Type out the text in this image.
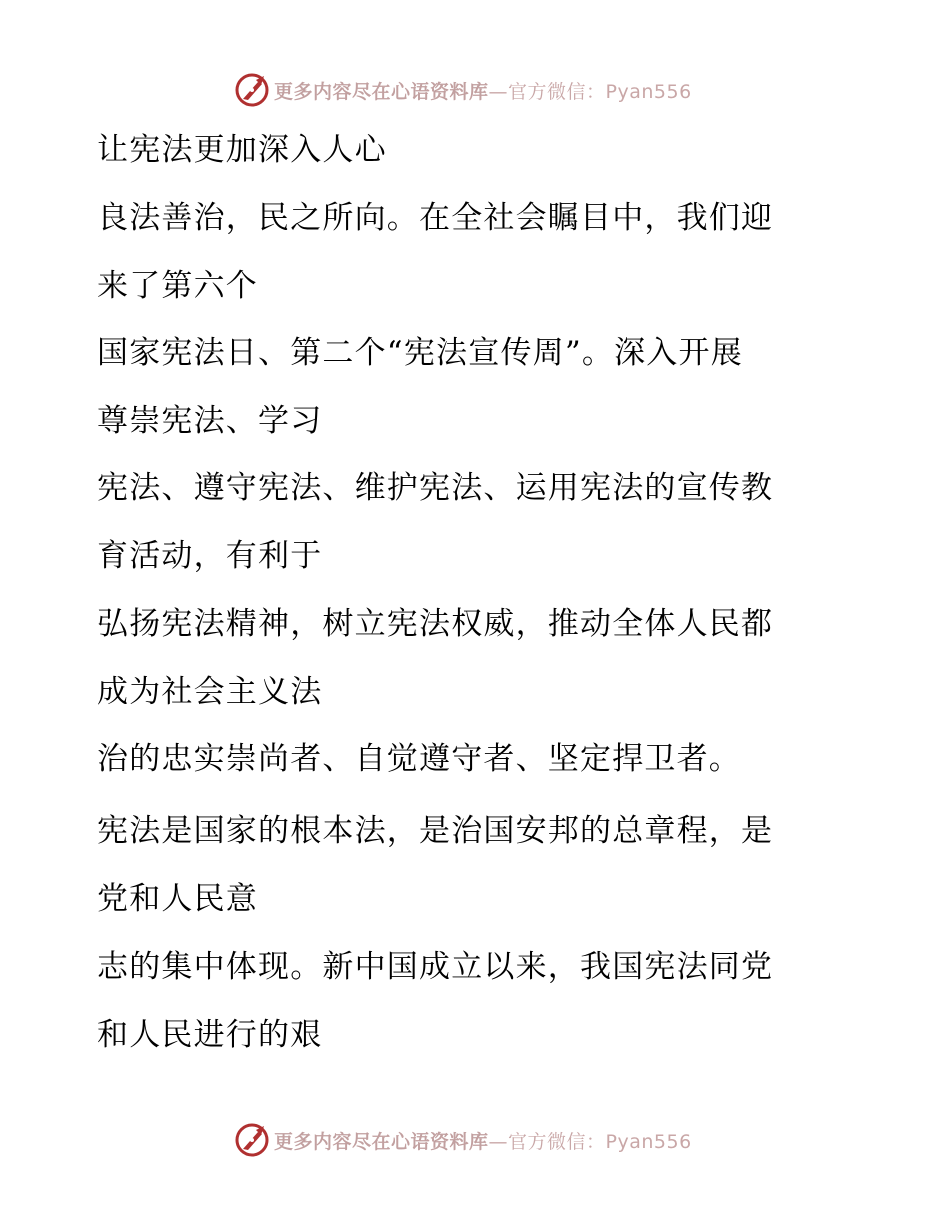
更多内容尽在心语资料库—官方微信：Pyan556
让宪法更加深入人心
良法善治，民之所向。在全社会瞩目中，我们迎
来了第六个
国家宪法日、第二个“宪法宣传周”。深入开展
尊崇宪法、学习
宪法、遵守宪法、维护宪法、运用宪法的宣传教
育活动，有利于
弘扬宪法精神，树立宪法权威，推动全体人民都
成为社会主义法
治的忠实崇尚者、自觉遵守者、坚定捍卫者。
宪法是国家的根本法，是治国安邦的总章程，是
党和人民意
志的集中体现。新中国成立以来，我国宪法同党
和人民进行的艰
更多内容尽在心语资料库—官方微信：Pyan556
